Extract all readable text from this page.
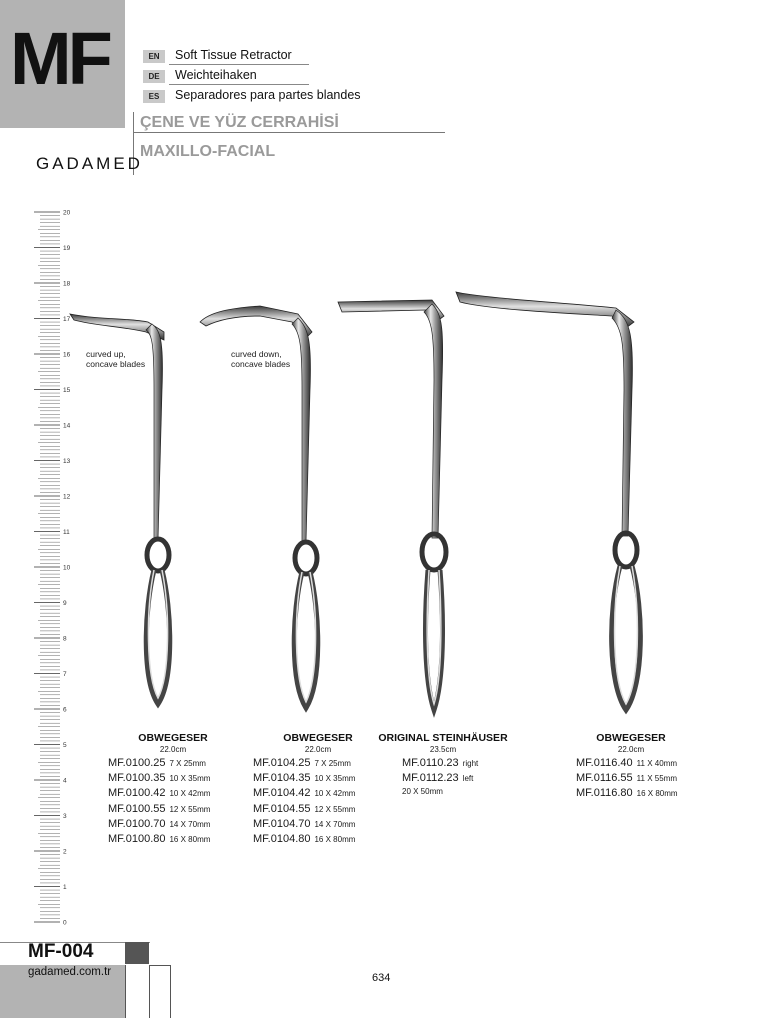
MF	EN	Soft Tissue Retractor
DE	Weichteihaken
ES	Separadores para partes blandes
ÇENE VE YÜZ CERRAHİSİ
MAXILLO-FACIAL
GADAMED
0
1
2
3
4
5
6
7
8
9
10
11
12
13
14
15
16
17
18
19
20
curved up,
concave blades
curved down,
concave blades
OBWEGESER
22.0cm
MF.0100.25 7 X 25mm
MF.0100.35 10 X 35mm
MF.0100.42 10 X 42mm
MF.0100.55 12 X 55mm
MF.0100.70 14 X 70mm
MF.0100.80 16 X 80mm
OBWEGESER
22.0cm
MF.0104.25 7 X 25mm
MF.0104.35 10 X 35mm
MF.0104.42 10 X 42mm
MF.0104.55 12 X 55mm
MF.0104.70 14 X 70mm
MF.0104.80 16 X 80mm
ORIGINAL STEINHÄUSER
23.5cm
MF.0110.23 right
MF.0112.23 left
20 X 50mm
OBWEGESER
22.0cm
MF.0116.40 11 X 40mm
MF.0116.55 11 X 55mm
MF.0116.80 16 X 80mm
MF-004
gadamed.com.tr	634
